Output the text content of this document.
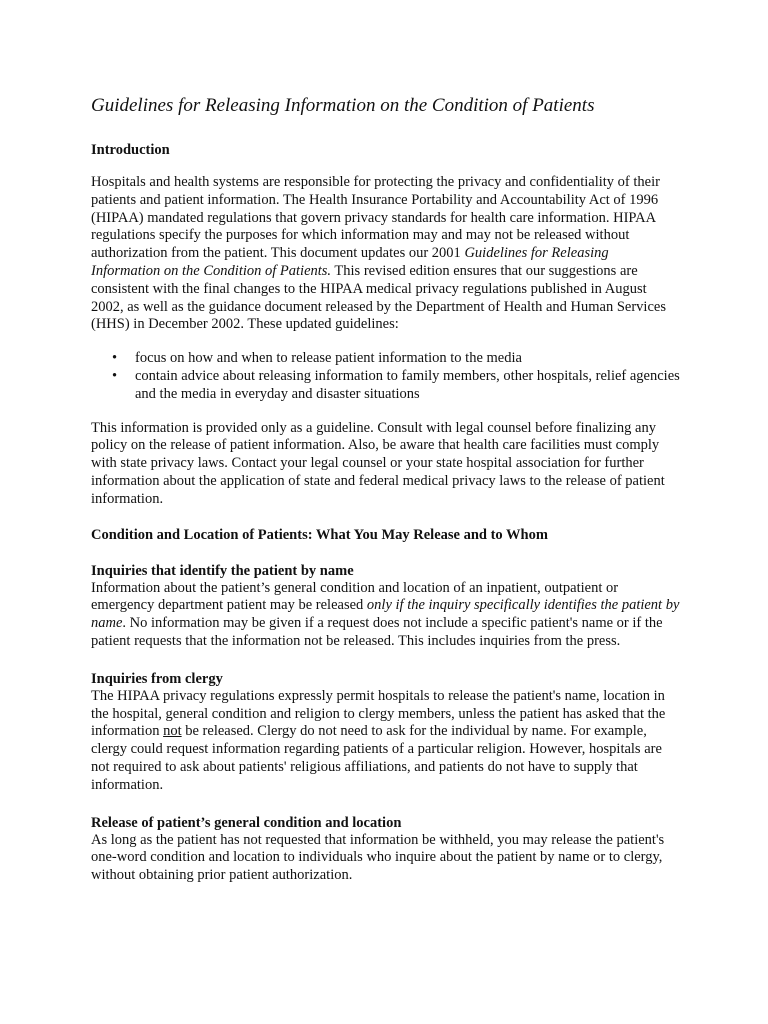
Guidelines for Releasing Information on the Condition of Patients
Introduction

Hospitals and health systems are responsible for protecting the privacy and confidentiality of their patients and patient information. The Health Insurance Portability and Accountability Act of 1996 (HIPAA) mandated regulations that govern privacy standards for health care information. HIPAA regulations specify the purposes for which information may and may not be released without authorization from the patient. This document updates our 2001 Guidelines for Releasing Information on the Condition of Patients. This revised edition ensures that our suggestions are consistent with the final changes to the HIPAA medical privacy regulations published in August 2002, as well as the guidance document released by the Department of Health and Human Services (HHS) in December 2002. These updated guidelines:

• focus on how and when to release patient information to the media
• contain advice about releasing information to family members, other hospitals, relief agencies and the media in everyday and disaster situations

This information is provided only as a guideline. Consult with legal counsel before finalizing any policy on the release of patient information. Also, be aware that health care facilities must comply with state privacy laws. Contact your legal counsel or your state hospital association for further information about the application of state and federal medical privacy laws to the release of patient information.

Condition and Location of Patients: What You May Release and to Whom
Inquiries that identify the patient by name

Information about the patient’s general condition and location of an inpatient, outpatient or emergency department patient may be released only if the inquiry specifically identifies the patient by name. No information may be given if a request does not include a specific patient's name or if the patient requests that the information not be released. This includes inquiries from the press.

Inquiries from clergy

The HIPAA privacy regulations expressly permit hospitals to release the patient's name, location in the hospital, general condition and religion to clergy members, unless the patient has asked that the information not be released. Clergy do not need to ask for the individual by name. For example, clergy could request information regarding patients of a particular religion. However, hospitals are not required to ask about patients' religious affiliations, and patients do not have to supply that information.

Release of patient’s general condition and location

As long as the patient has not requested that information be withheld, you may release the patient's one-word condition and location to individuals who inquire about the patient by name or to clergy, without obtaining prior patient authorization.
